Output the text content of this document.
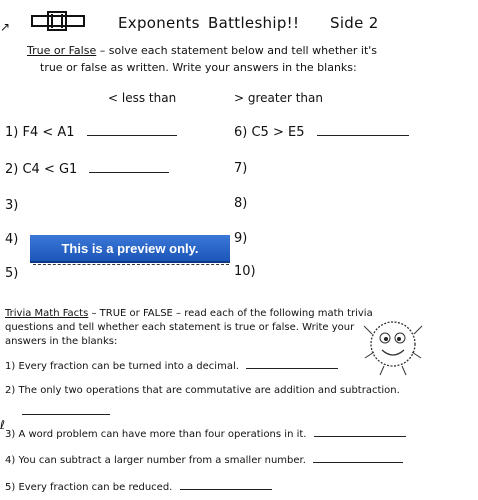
↗	Exponents Battleship!! Side 2
True or False – solve each statement below and tell whether it's
true or false as written. Write your answers in the blanks:
< less than	> greater than
1) F4 < A1
2) C4 < G1
3)
4)
5)
6) C5 > E5
7)
8)
9)
10)
This is a preview only.
Trivia Math Facts – TRUE or FALSE – read each of the following math trivia
questions and tell whether each statement is true or false. Write your
answers in the blanks:
1) Every fraction can be turned into a decimal.
2) The only two operations that are commutative are addition and subtraction.
ℓ
3) A word problem can have more than four operations in it.
4) You can subtract a larger number from a smaller number.
5) Every fraction can be reduced.
